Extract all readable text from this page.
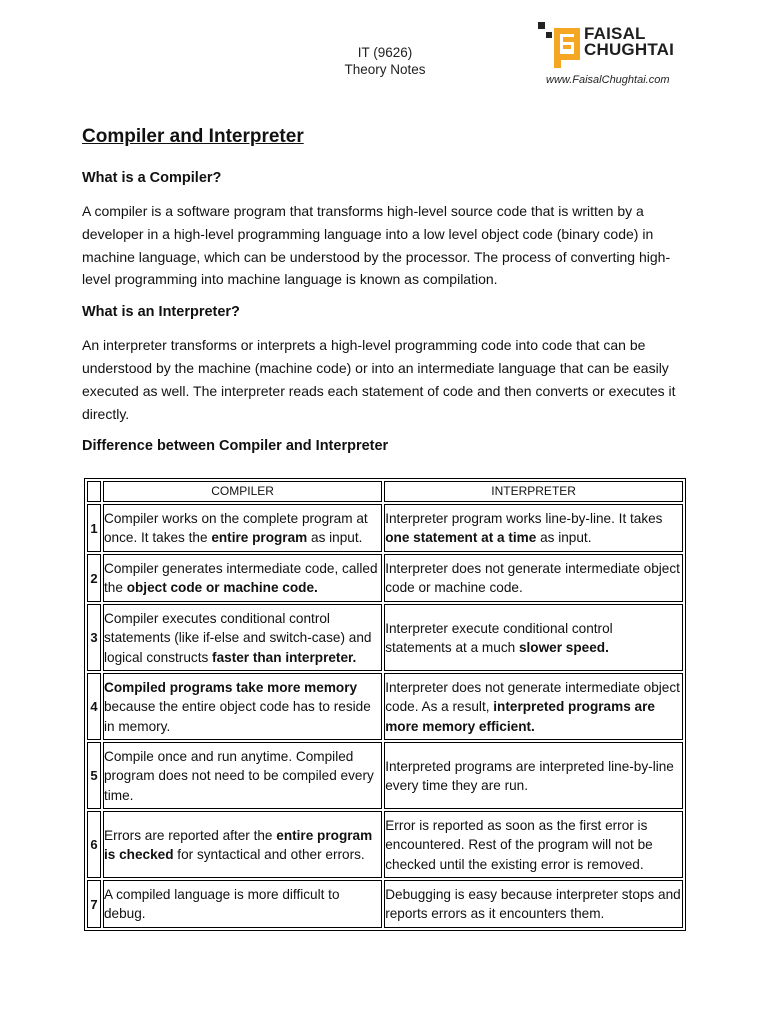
IT (9626)
Theory Notes
FAISAL
CHUGHTAI
www.FaisalChughtai.com
Compiler and Interpreter
What is a Compiler?
A compiler is a software program that transforms high-level source code that is written by a developer in a high-level programming language into a low level object code (binary code) in machine language, which can be understood by the processor. The process of converting high-level programming into machine language is known as compilation.
What is an Interpreter?
An interpreter transforms or interprets a high-level programming code into code that can be understood by the machine (machine code) or into an intermediate language that can be easily executed as well. The interpreter reads each statement of code and then converts or executes it directly.
Difference between Compiler and Interpreter
	COMPILER	INTERPRETER
1	Compiler works on the complete program at once. It takes the entire program as input.	Interpreter program works line-by-line. It takes one statement at a time as input.
2	Compiler generates intermediate code, called the object code or machine code.	Interpreter does not generate intermediate object code or machine code.
3	Compiler executes conditional control statements (like if-else and switch-case) and logical constructs faster than interpreter.	Interpreter execute conditional control statements at a much slower speed.
4	Compiled programs take more memory because the entire object code has to reside in memory.	Interpreter does not generate intermediate object code. As a result, interpreted programs are more memory efficient.
5	Compile once and run anytime. Compiled program does not need to be compiled every time.	Interpreted programs are interpreted line-by-line every time they are run.
6	Errors are reported after the entire program is checked for syntactical and other errors.	Error is reported as soon as the first error is encountered. Rest of the program will not be checked until the existing error is removed.
7	A compiled language is more difficult to debug.	Debugging is easy because interpreter stops and reports errors as it encounters them.
